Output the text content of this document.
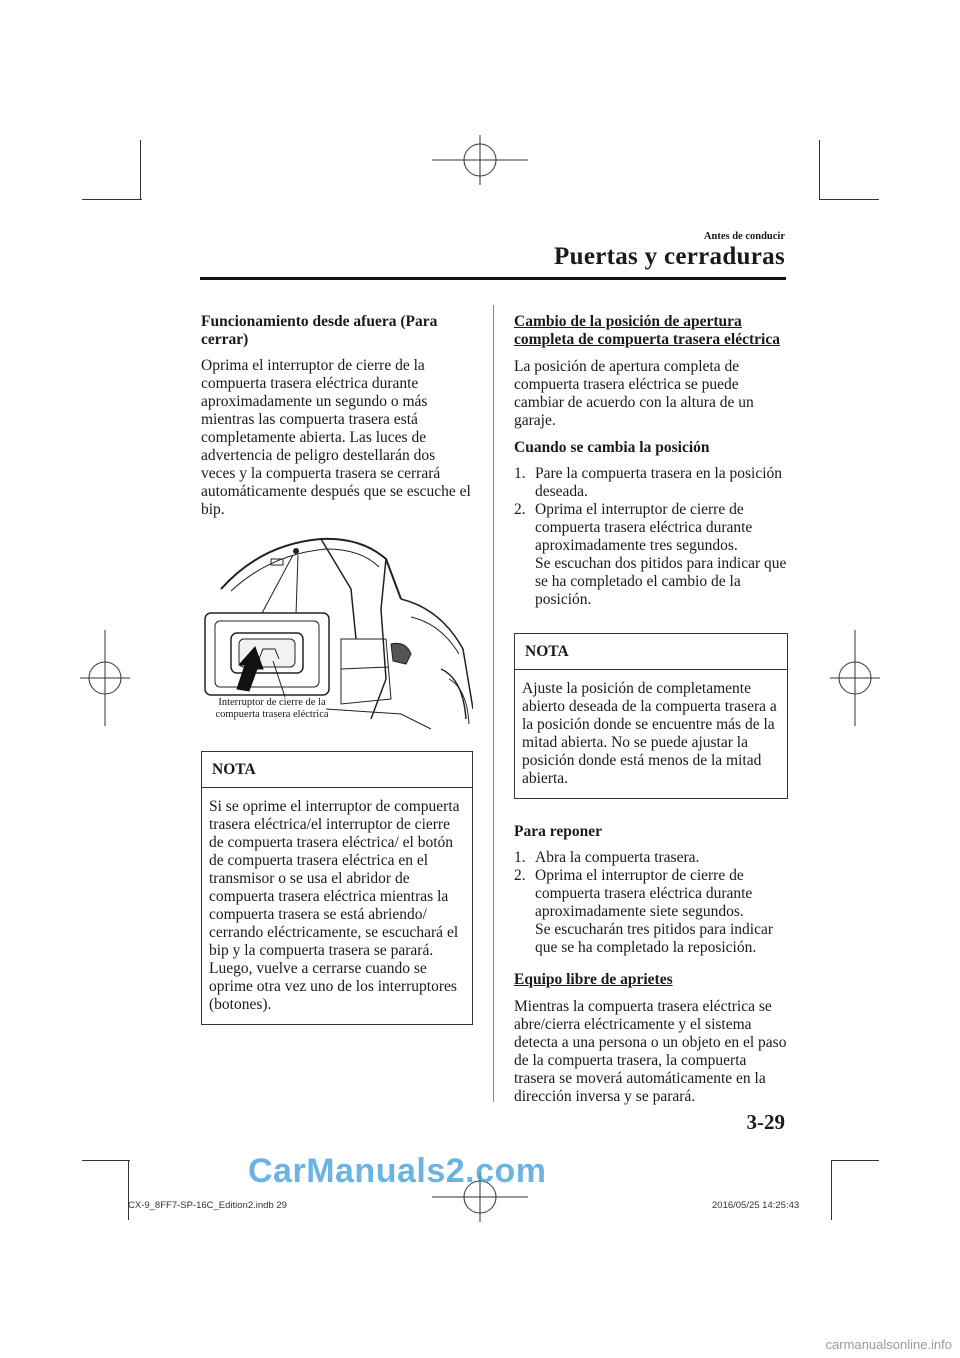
Antes de conducir
Puertas y cerraduras
Funcionamiento desde afuera (Para cerrar)

Oprima el interruptor de cierre de la compuerta trasera eléctrica durante aproximadamente un segundo o más mientras las compuerta trasera está completamente abierta. Las luces de advertencia de peligro destellarán dos veces y la compuerta trasera se cerrará automáticamente después que se escuche el bip.

Interruptor de cierre de la
compuerta trasera eléctrica
NOTA
Si se oprime el interruptor de compuerta trasera eléctrica/el interruptor de cierre de compuerta trasera eléctrica/ el botón de compuerta trasera eléctrica en el transmisor o se usa el abridor de compuerta trasera eléctrica mientras la compuerta trasera se está abriendo/ cerrando eléctricamente, se escuchará el bip y la compuerta trasera se parará. Luego, vuelve a cerrarse cuando se oprime otra vez uno de los interruptores (botones).
Cambio de la posición de apertura completa de compuerta trasera eléctrica

La posición de apertura completa de compuerta trasera eléctrica se puede cambiar de acuerdo con la altura de un garaje.

Cuando se cambia la posición
1. Pare la compuerta trasera en la posición deseada.
2. Oprima el interruptor de cierre de compuerta trasera eléctrica durante aproximadamente tres segundos.
Se escuchan dos pitidos para indicar que se ha completado el cambio de la posición.
NOTA
Ajuste la posición de completamente abierto deseada de la compuerta trasera a la posición donde se encuentre más de la mitad abierta. No se puede ajustar la posición donde está menos de la mitad abierta.
Para reponer
1. Abra la compuerta trasera.
2. Oprima el interruptor de cierre de compuerta trasera eléctrica durante aproximadamente siete segundos.
Se escucharán tres pitidos para indicar que se ha completado la reposición.
Equipo libre de aprietes

Mientras la compuerta trasera eléctrica se abre/cierra eléctricamente y el sistema detecta a una persona o un objeto en el paso de la compuerta trasera, la compuerta trasera se moverá automáticamente en la dirección inversa y se parará.

3-29
CarManuals2.com
CX-9_8FF7-SP-16C_Edition2.indb 29	2016/05/25 14:25:43
carmanualsonline.info
